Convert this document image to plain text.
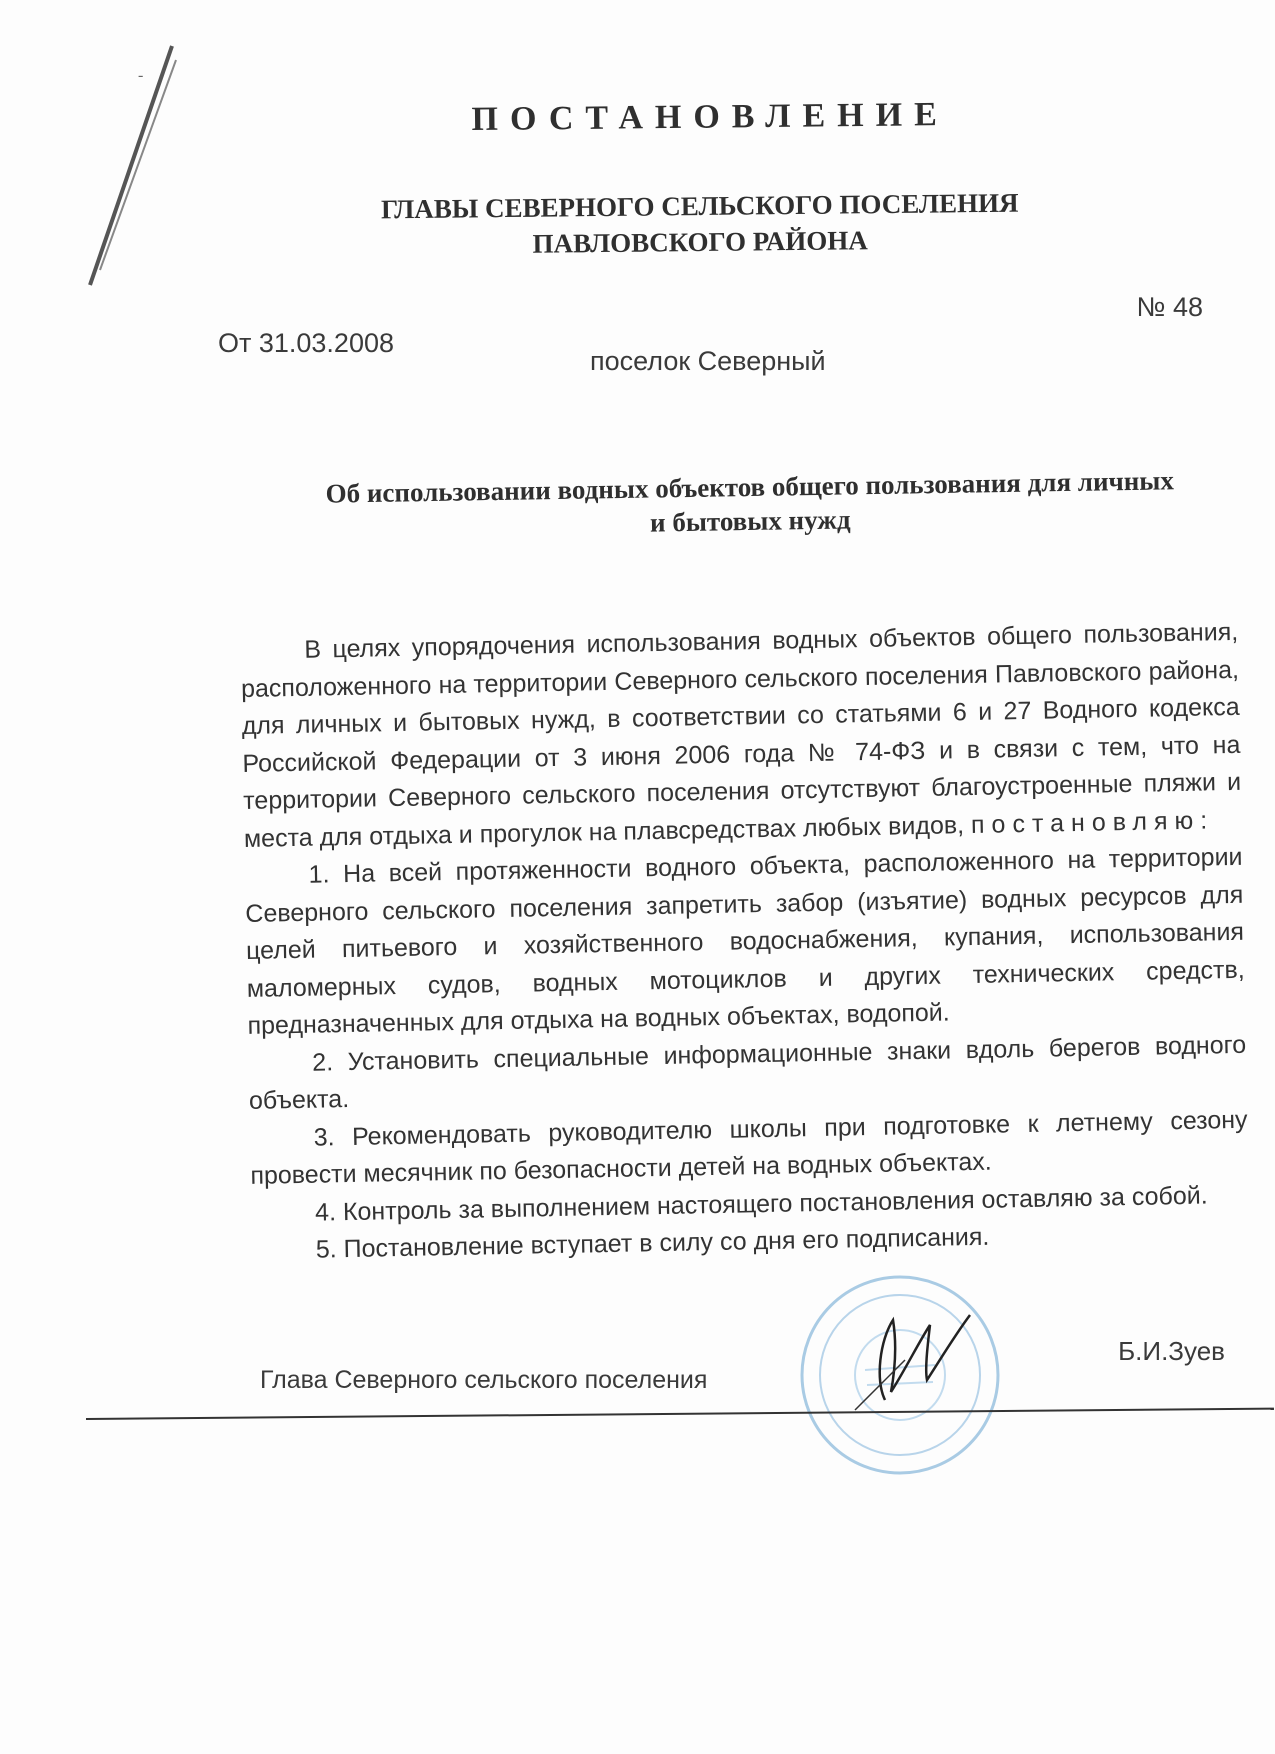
-
ПОСТАНОВЛЕНИЕ
ГЛАВЫ СЕВЕРНОГО СЕЛЬСКОГО ПОСЕЛЕНИЯ
ПАВЛОВСКОГО РАЙОНА
№ 48
От 31.03.2008
поселок Северный
Об использовании водных объектов общего пользования для личных
и бытовых нужд

В целях упорядочения использования водных объектов общего пользования, расположенного на территории Северного сельского поселения Павловского района, для личных и бытовых нужд, в соответствии со статьями 6 и 27 Водного кодекса Российской Федерации от 3 июня 2006 года № 74-ФЗ и в связи с тем, что на территории Северного сельского поселения отсутствуют благоустроенные пляжи и места для отдыха и прогулок на плавсредствах любых видов, постановляю:

1. На всей протяженности водного объекта, расположенного на территории Северного сельского поселения запретить забор (изъятие) водных ресурсов для целей питьевого и хозяйственного водоснабжения, купания, использования маломерных судов, водных мотоциклов и других технических средств, предназначенных для отдыха на водных объектах, водопой.

2. Установить специальные информационные знаки вдоль берегов водного объекта.

3. Рекомендовать руководителю школы при подготовке к летнему сезону провести месячник по безопасности детей на водных объектах.

4. Контроль за выполнением настоящего постановления оставляю за собой.

5. Постановление вступает в силу со дня его подписания.

Глава Северного сельского поселения
Б.И.Зуев
